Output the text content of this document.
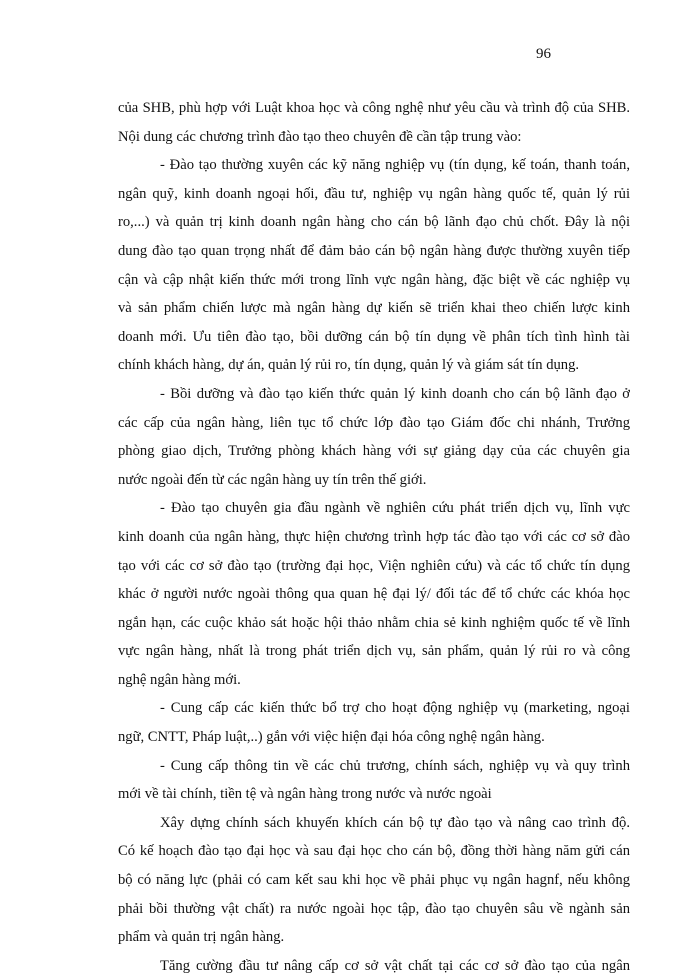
96
của SHB, phù hợp với Luật khoa học và công nghệ như yêu cầu và trình độ của SHB.
Nội dung các chương trình đào tạo theo chuyên đề cần tập trung vào:
- Đào tạo thường xuyên các kỹ năng nghiệp vụ (tín dụng, kế toán, thanh toán,
ngân quỹ, kinh doanh ngoại hối, đầu tư, nghiệp vụ ngân hàng quốc tế, quản lý rủi
ro,...) và quản trị kinh doanh ngân hàng cho cán bộ lãnh đạo chủ chốt. Đây là nội
dung đào tạo quan trọng nhất để đảm bảo cán bộ ngân hàng được thường xuyên tiếp
cận và cập nhật kiến thức mới trong lĩnh vực ngân hàng, đặc biệt về các nghiệp vụ
và sản phẩm chiến lược mà ngân hàng dự kiến sẽ triển khai theo chiến lược kinh
doanh mới. Ưu tiên đào tạo, bồi dưỡng cán bộ tín dụng về phân tích tình hình tài
chính khách hàng, dự án, quản lý rủi ro, tín dụng, quản lý và giám sát tín dụng.
- Bồi dưỡng và đào tạo kiến thức quản lý kinh doanh cho cán bộ lãnh đạo ở
các cấp của ngân hàng, liên tục tổ chức lớp đào tạo Giám đốc chi nhánh, Trưởng
phòng giao dịch, Trưởng phòng khách hàng với sự giảng dạy của các chuyên gia
nước ngoài đến từ các ngân hàng uy tín trên thế giới.
- Đào tạo chuyên gia đầu ngành về nghiên cứu phát triển dịch vụ, lĩnh vực
kinh doanh của ngân hàng, thực hiện chương trình hợp tác đào tạo với các cơ sở đào
tạo với các cơ sở đào tạo (trường đại học, Viện nghiên cứu) và các tổ chức tín dụng
khác ở người nước ngoài thông qua quan hệ đại lý/ đối tác để tổ chức các khóa học
ngắn hạn, các cuộc khảo sát hoặc hội thảo nhằm chia sẻ kinh nghiệm quốc tế về lĩnh
vực ngân hàng, nhất là trong phát triển dịch vụ, sản phẩm, quản lý rủi ro và công
nghệ ngân hàng mới.
- Cung cấp các kiến thức bổ trợ cho hoạt động nghiệp vụ (marketing, ngoại
ngữ, CNTT, Pháp luật,..) gắn với việc hiện đại hóa công nghệ ngân hàng.
- Cung cấp thông tin về các chủ trương, chính sách, nghiệp vụ và quy trình
mới về tài chính, tiền tệ và ngân hàng trong nước và nước ngoài
Xây dựng chính sách khuyến khích cán bộ tự đào tạo và nâng cao trình độ.
Có kế hoạch đào tạo đại học và sau đại học cho cán bộ, đồng thời hàng năm gửi cán
bộ có năng lực (phải có cam kết sau khi học về phải phục vụ ngân hagnf, nếu không
phải bồi thường vật chất) ra nước ngoài học tập, đào tạo chuyên sâu về ngành sản
phẩm và quản trị ngân hàng.
Tăng cường đầu tư nâng cấp cơ sở vật chất tại các cơ sở đào tạo của ngân
